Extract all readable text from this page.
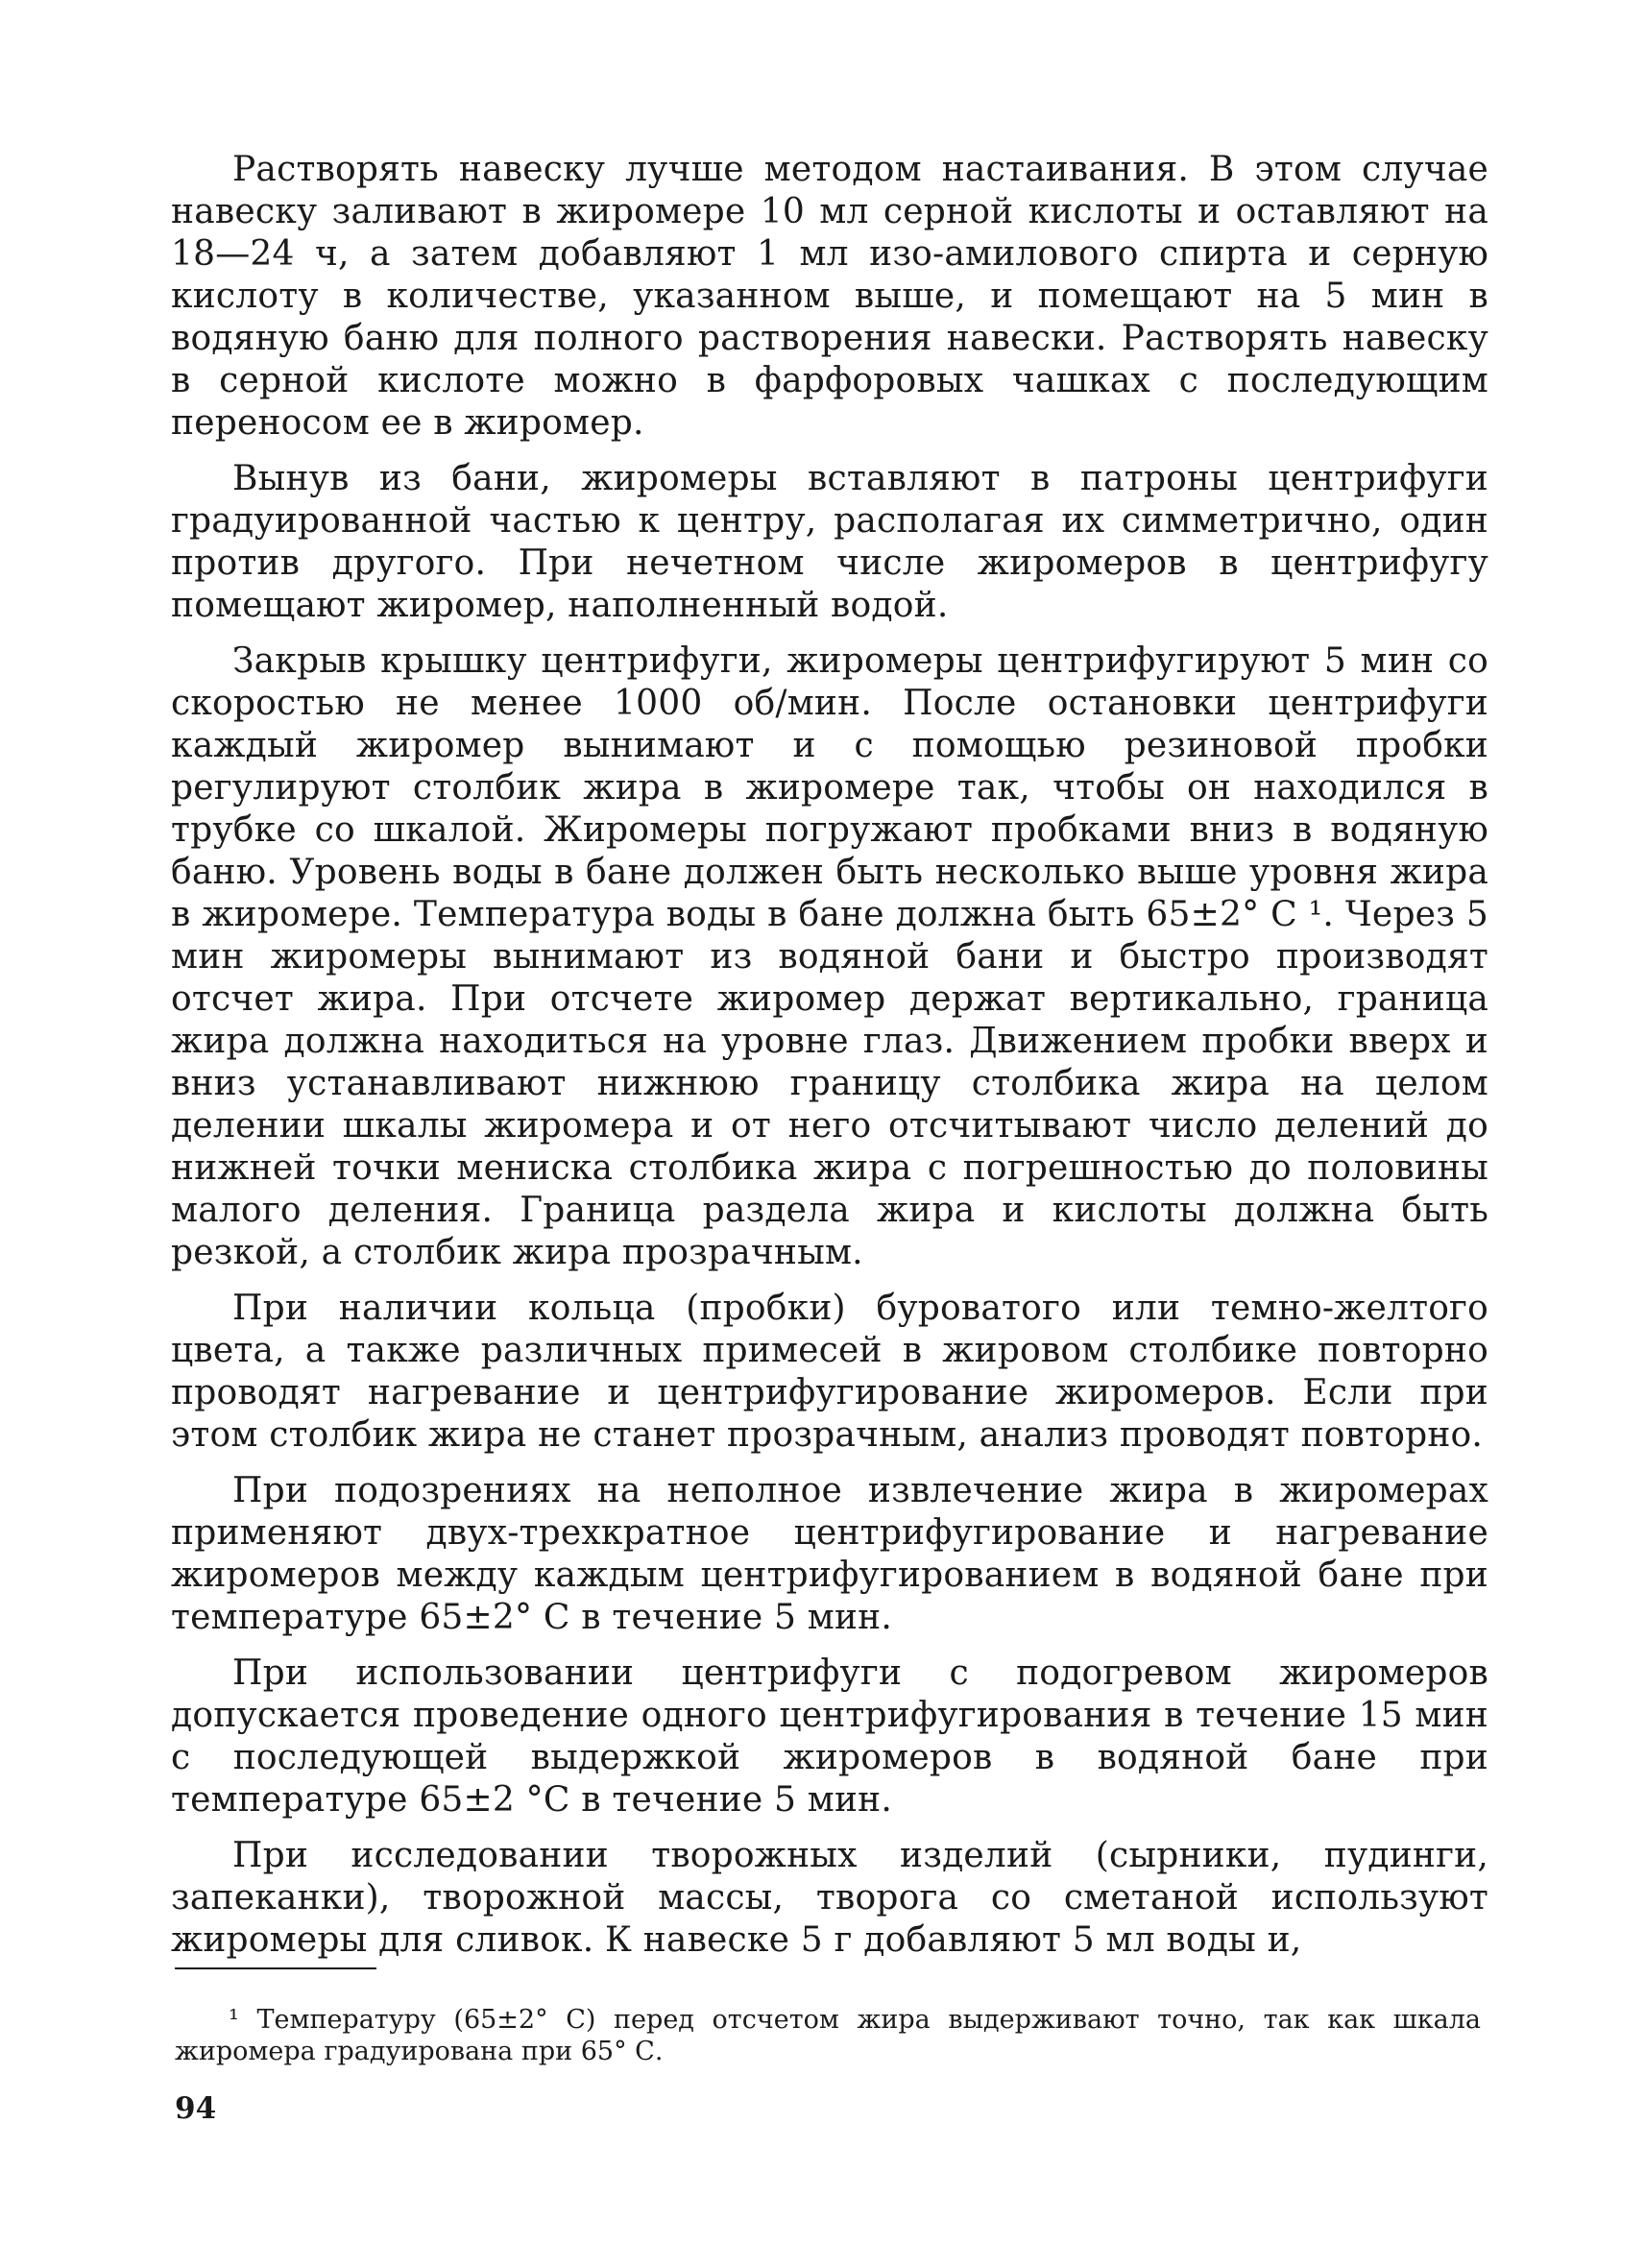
Растворять навеску лучше методом настаивания. В этом случае навеску заливают в жиромере 10 мл серной кислоты и оставляют на 18—24 ч, а затем добавляют 1 мл изо-амилового спирта и серную кислоту в количестве, указанном выше, и помещают на 5 мин в водяную баню для полного растворения навески. Растворять навеску в серной кислоте можно в фарфоровых чашках с последующим переносом ее в жиромер.

Вынув из бани, жиромеры вставляют в патроны центрифуги градуированной частью к центру, располагая их симметрично, один против другого. При нечетном числе жиромеров в центрифугу помещают жиромер, наполненный водой.

Закрыв крышку центрифуги, жиромеры центрифугируют 5 мин со скоростью не менее 1000 об/мин. После остановки центрифуги каждый жиромер вынимают и с помощью резиновой пробки регулируют столбик жира в жиромере так, чтобы он находился в трубке со шкалой. Жиромеры погружают пробками вниз в водяную баню. Уровень воды в бане должен быть несколько выше уровня жира в жиромере. Температура воды в бане должна быть 65±2° С ¹. Через 5 мин жиромеры вынимают из водяной бани и быстро производят отсчет жира. При отсчете жиромер держат вертикально, граница жира должна находиться на уровне глаз. Движением пробки вверх и вниз устанавливают нижнюю границу столбика жира на целом делении шкалы жиромера и от него отсчитывают число делений до нижней точки мениска столбика жира с погрешностью до половины малого деления. Граница раздела жира и кислоты должна быть резкой, а столбик жира прозрачным.

При наличии кольца (пробки) буроватого или темно-желтого цвета, а также различных примесей в жировом столбике повторно проводят нагревание и центрифугирование жиромеров. Если при этом столбик жира не станет прозрачным, анализ проводят повторно.

При подозрениях на неполное извлечение жира в жиромерах применяют двух-трехкратное центрифугирование и нагревание жиромеров между каждым центрифугированием в водяной бане при температуре 65±2° С в течение 5 мин.

При использовании центрифуги с подогревом жиромеров допускается проведение одного центрифугирования в течение 15 мин с последующей выдержкой жиромеров в водяной бане при температуре 65±2 °С в течение 5 мин.

При исследовании творожных изделий (сырники, пудинги, запеканки), творожной массы, творога со сметаной используют жиромеры для сливок. К навеске 5 г добавляют 5 мл воды и,

¹ Температуру (65±2° С) перед отсчетом жира выдерживают точно, так как шкала жиромера градуирована при 65° С.

94
